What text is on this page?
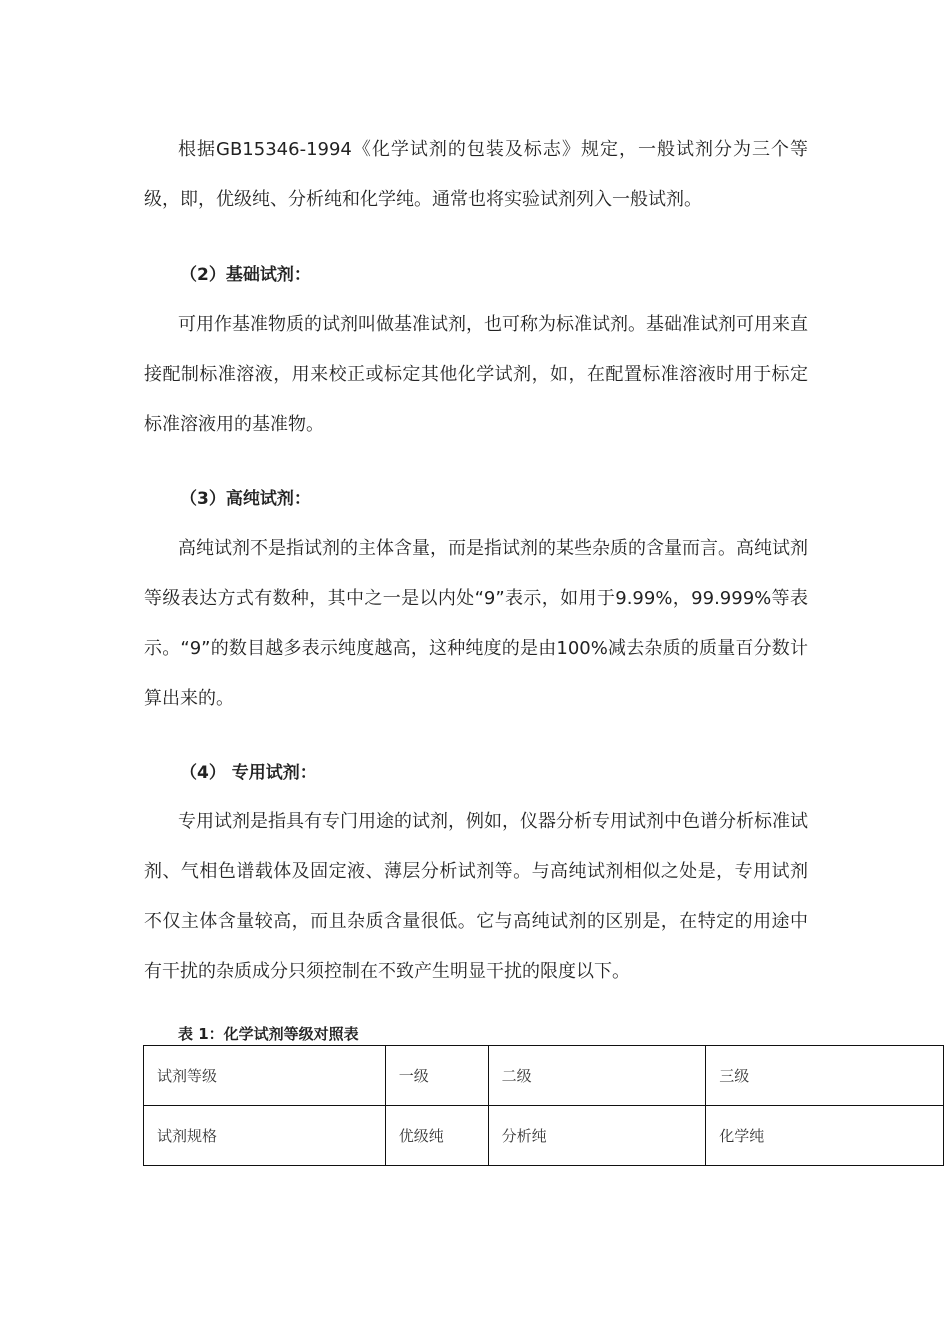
根据GB15346-1994《化学试剂的包装及标志》规定，一般试剂分为三个等级，即，优级纯、分析纯和化学纯。通常也将实验试剂列入一般试剂。

（2）基础试剂：

可用作基准物质的试剂叫做基准试剂，也可称为标准试剂。基础准试剂可用来直接配制标准溶液，用来校正或标定其他化学试剂，如，在配置标准溶液时用于标定标准溶液用的基准物。

（3）高纯试剂：

高纯试剂不是指试剂的主体含量，而是指试剂的某些杂质的含量而言。高纯试剂等级表达方式有数种，其中之一是以内处“9”表示，如用于9.99%，99.999%等表示。“9”的数目越多表示纯度越高，这种纯度的是由100%减去杂质的质量百分数计算出来的。

（4） 专用试剂：

专用试剂是指具有专门用途的试剂，例如，仪器分析专用试剂中色谱分析标准试剂、气相色谱载体及固定液、薄层分析试剂等。与高纯试剂相似之处是，专用试剂不仅主体含量较高，而且杂质含量很低。它与高纯试剂的区别是，在特定的用途中有干扰的杂质成分只须控制在不致产生明显干扰的限度以下。

表 1：化学试剂等级对照表

试剂等级	一级	二级	三级
试剂规格	优级纯	分析纯	化学纯
